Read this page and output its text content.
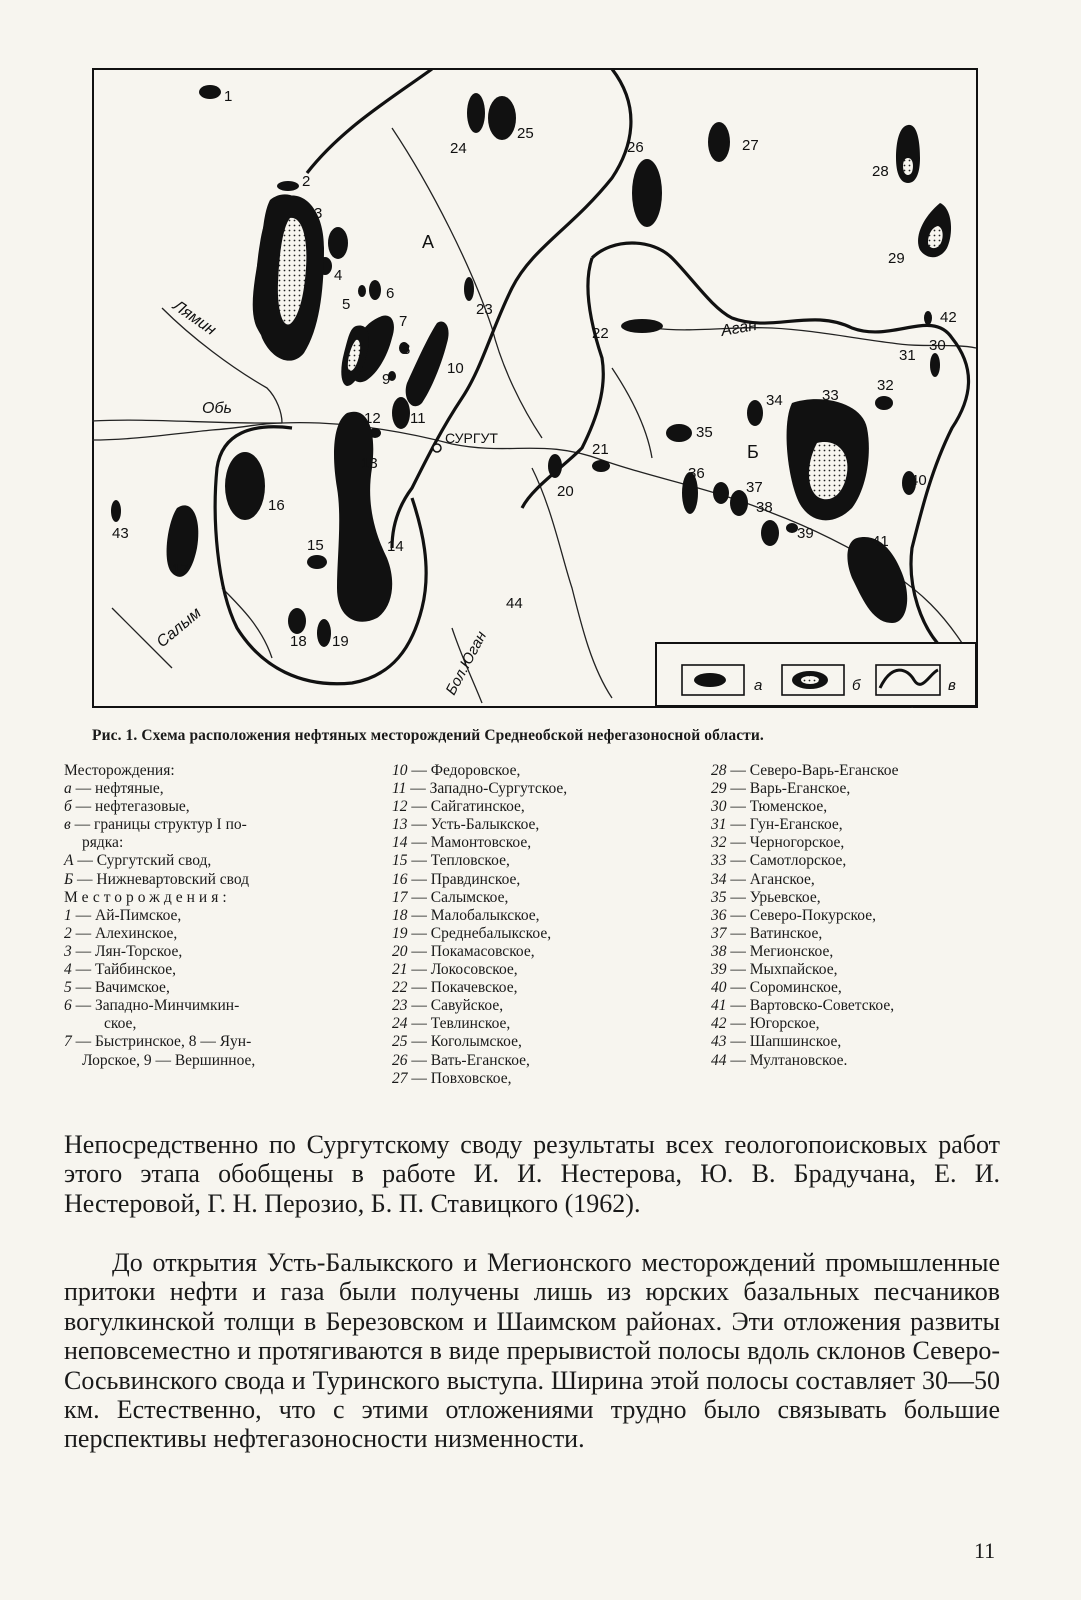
А
Б
СУРГУТ
Лямин
Обь
Аган
Салым
Бол.Юган
1
2
3
4
5
6
7
8
9
10
11
12
13
14
15
16
17
18 19
20
21
22
23
24
25
26	27
28
29
30
31
32
33
34
35
36
37
38
39
40
41
42
43
44
а	б	в
Рис. 1. Схема расположения нефтяных месторождений Среднеобской нефегазоносной области.
Месторождения:
а — нефтяные,
б — нефтегазовые,
в — границы структур I по-
рядка:
А — Сургутский свод,
Б — Нижневартовский свод
Месторождения:
1 — Ай-Пимское,
2 — Алехинское,
3 — Лян-Торское,
4 — Тайбинское,
5 — Вачимское,
6 — Западно-Минчимкин-
ское,
7 — Быстринское, 8 — Яун-
Лорское, 9 — Вершинное,
10 — Федоровское,
11 — Западно-Сургутское,
12 — Сайгатинское,
13 — Усть-Балыкское,
14 — Мамонтовское,
15 — Тепловское,
16 — Правдинское,
17 — Салымское,
18 — Малобалыкское,
19 — Среднебалыкское,
20 — Покамасовское,
21 — Локосовское,
22 — Покачевское,
23 — Савуйское,
24 — Тевлинское,
25 — Коголымское,
26 — Вать-Еганское,
27 — Повховское,
28 — Северо-Варь-Еганское
29 — Варь-Еганское,
30 — Тюменское,
31 — Гун-Еганское,
32 — Черногорское,
33 — Самотлорское,
34 — Аганское,
35 — Урьевское,
36 — Северо-Покурское,
37 — Ватинское,
38 — Мегионское,
39 — Мыхпайское,
40 — Сороминское,
41 — Вартовско-Советское,
42 — Югорское,
43 — Шапшинское,
44 — Мултановское.
Непосредственно по Сургутскому своду результаты всех геологопоисковых работ этого этапа обобщены в работе И. И. Нестерова, Ю. В. Брадучана, Е. И. Нестеровой, Г. Н. Перозио, Б. П. Ставицкого (1962).
До открытия Усть-Балыкского и Мегионского месторождений промышленные притоки нефти и газа были получены лишь из юрских базальных песчаников вогулкинской толщи в Березовском и Шаимском районах. Эти отложения развиты неповсеместно и протягиваются в виде прерывистой полосы вдоль склонов Северо-Сосьвинского свода и Туринского выступа. Ширина этой полосы составляет 30—50 км. Естественно, что с этими отложениями трудно было связывать большие перспективы нефтегазоносности низменности.
11
